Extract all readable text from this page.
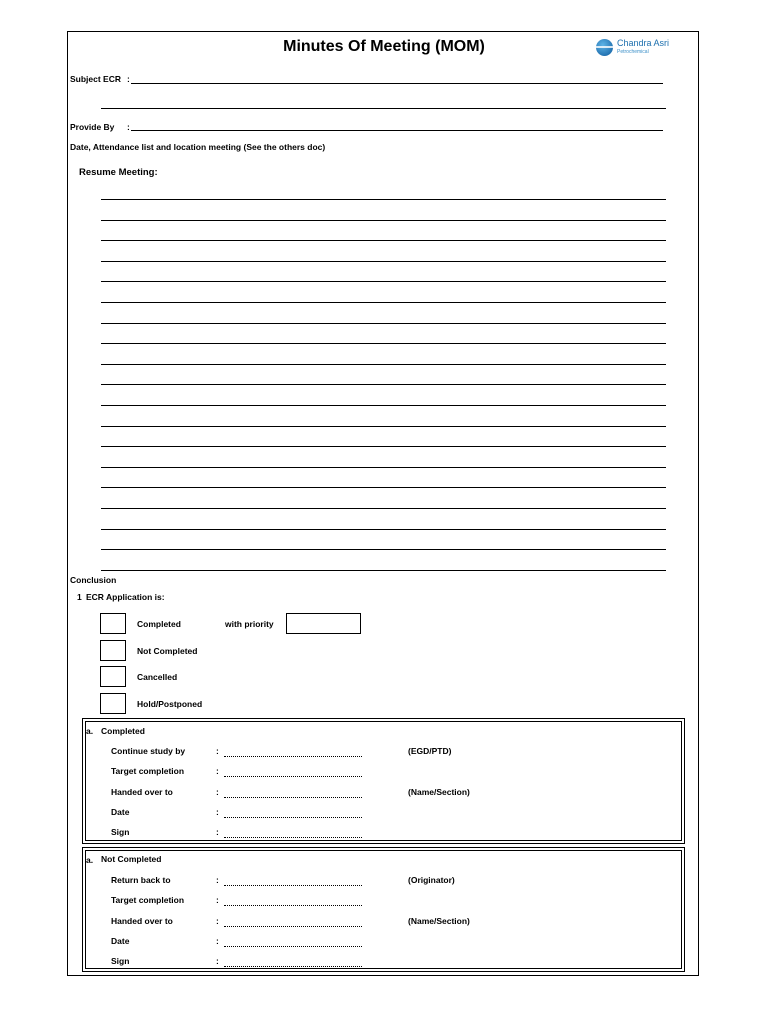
Minutes Of Meeting (MOM)	Chandra Asri
Petrochemical
Subject ECR :
Provide By :
Date, Attendance list and location meeting (See the others doc)
Resume Meeting:
Conclusion
1 ECR Application is:
Completed	with priority
Not Completed
Cancelled
Hold/Postponed
a. Completed
Continue study by	:	(EGD/PTD)
Target completion	:
Handed over to	:	(Name/Section)
Date	:
Sign	:
a. Not Completed
Return back to	:	(Originator)
Target completion	:
Handed over to	:	(Name/Section)
Date	:
Sign	:
